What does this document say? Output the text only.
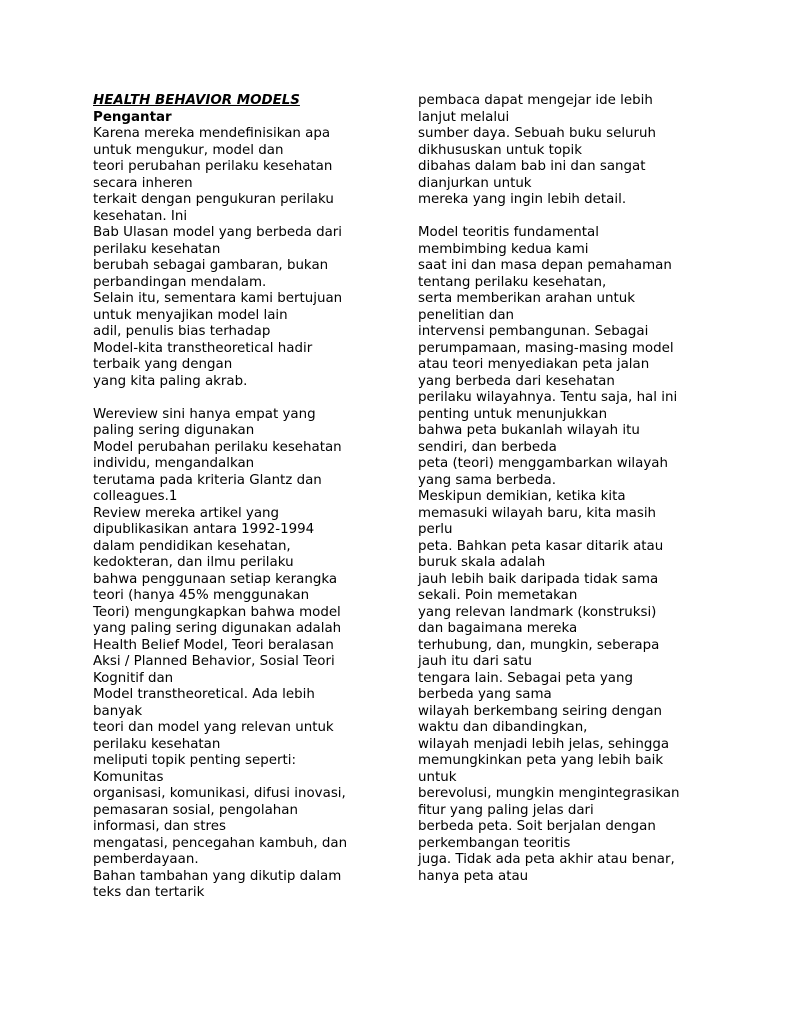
HEALTH BEHAVIOR MODELS
Pengantar
Karena mereka mendefinisikan apa
untuk mengukur, model dan
teori perubahan perilaku kesehatan
secara inheren
terkait dengan pengukuran perilaku
kesehatan. Ini
Bab Ulasan model yang berbeda dari
perilaku kesehatan
berubah sebagai gambaran, bukan
perbandingan mendalam.
Selain itu, sementara kami bertujuan
untuk menyajikan model lain
adil, penulis bias terhadap
Model-kita transtheoretical hadir
terbaik yang dengan
yang kita paling akrab.
Wereview sini hanya empat yang
paling sering digunakan
Model perubahan perilaku kesehatan
individu, mengandalkan
terutama pada kriteria Glantz dan
colleagues.1
Review mereka artikel yang
dipublikasikan antara 1992-1994
dalam pendidikan kesehatan,
kedokteran, dan ilmu perilaku
bahwa penggunaan setiap kerangka
teori (hanya 45% menggunakan
Teori) mengungkapkan bahwa model
yang paling sering digunakan adalah
Health Belief Model, Teori beralasan
Aksi / Planned Behavior, Sosial Teori
Kognitif dan
Model transtheoretical. Ada lebih
banyak
teori dan model yang relevan untuk
perilaku kesehatan
meliputi topik penting seperti:
Komunitas
organisasi, komunikasi, difusi inovasi,
pemasaran sosial, pengolahan
informasi, dan stres
mengatasi, pencegahan kambuh, dan
pemberdayaan.
Bahan tambahan yang dikutip dalam
teks dan tertarik
pembaca dapat mengejar ide lebih
lanjut melalui
sumber daya. Sebuah buku seluruh
dikhususkan untuk topik
dibahas dalam bab ini dan sangat
dianjurkan untuk
mereka yang ingin lebih detail.
Model teoritis fundamental
membimbing kedua kami
saat ini dan masa depan pemahaman
tentang perilaku kesehatan,
serta memberikan arahan untuk
penelitian dan
intervensi pembangunan. Sebagai
perumpamaan, masing-masing model
atau teori menyediakan peta jalan
yang berbeda dari kesehatan
perilaku wilayahnya. Tentu saja, hal ini
penting untuk menunjukkan
bahwa peta bukanlah wilayah itu
sendiri, dan berbeda
peta (teori) menggambarkan wilayah
yang sama berbeda.
Meskipun demikian, ketika kita
memasuki wilayah baru, kita masih
perlu
peta. Bahkan peta kasar ditarik atau
buruk skala adalah
jauh lebih baik daripada tidak sama
sekali. Poin memetakan
yang relevan landmark (konstruksi)
dan bagaimana mereka
terhubung, dan, mungkin, seberapa
jauh itu dari satu
tengara lain. Sebagai peta yang
berbeda yang sama
wilayah berkembang seiring dengan
waktu dan dibandingkan,
wilayah menjadi lebih jelas, sehingga
memungkinkan peta yang lebih baik
untuk
berevolusi, mungkin mengintegrasikan
fitur yang paling jelas dari
berbeda peta. Soit berjalan dengan
perkembangan teoritis
juga. Tidak ada peta akhir atau benar,
hanya peta atau
